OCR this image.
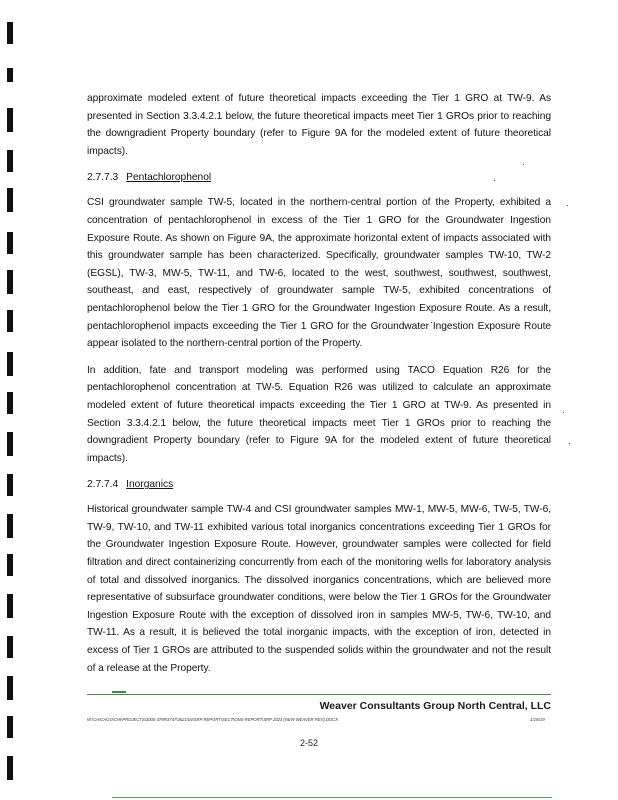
approximate modeled extent of future theoretical impacts exceeding the Tier 1 GRO at TW-9. As presented in Section 3.3.4.2.1 below, the future theoretical impacts meet Tier 1 GROs prior to reaching the downgradient Property boundary (refer to Figure 9A for the modeled extent of future theoretical impacts).

2.7.7.3 Pentachlorophenol

CSI groundwater sample TW-5, located in the northern-central portion of the Property, exhibited a concentration of pentachlorophenol in excess of the Tier 1 GRO for the Groundwater Ingestion Exposure Route. As shown on Figure 9A, the approximate horizontal extent of impacts associated with this groundwater sample has been characterized. Specifically, groundwater samples TW-10, TW-2 (EGSL), TW-3, MW-5, TW-11, and TW-6, located to the west, southwest, southwest, southwest, southeast, and east, respectively of groundwater sample TW-5, exhibited concentrations of pentachlorophenol below the Tier 1 GRO for the Groundwater Ingestion Exposure Route. As a result, pentachlorophenol impacts exceeding the Tier 1 GRO for the Groundwater Ingestion Exposure Route appear isolated to the northern-central portion of the Property.

In addition, fate and transport modeling was performed using TACO Equation R26 for the pentachlorophenol concentration at TW-5. Equation R26 was utilized to calculate an approximate modeled extent of future theoretical impacts exceeding the Tier 1 GRO at TW-9. As presented in Section 3.3.4.2.1 below, the future theoretical impacts meet Tier 1 GROs prior to reaching the downgradient Property boundary (refer to Figure 9A for the modeled extent of future theoretical impacts).

2.7.7.4 Inorganics

Historical groundwater sample TW-4 and CSI groundwater samples MW-1, MW-5, MW-6, TW-5, TW-6, TW-9, TW-10, and TW-11 exhibited various total inorganics concentrations exceeding Tier 1 GROs for the Groundwater Ingestion Exposure Route. However, groundwater samples were collected for field filtration and direct containerizing concurrently from each of the monitoring wells for laboratory analysis of total and dissolved inorganics. The dissolved inorganics concentrations, which are believed more representative of subsurface groundwater conditions, were below the Tier 1 GROs for the Groundwater Ingestion Exposure Route with the exception of dissolved iron in samples MW-5, TW-6, TW-10, and TW-11. As a result, it is believed the total inorganic impacts, with the exception of iron, detected in excess of Tier 1 GROs are attributed to the suspended solids within the groundwater and not the result of a release at the Property.

Weaver Consultants Group North Central, LLC
W:\CHICAGO\CHI\PROJECTS\3000-3799\3747\3621\04\SRP REPORT\SECTIONS-REPORT\SRP 2023 (NEW WEAVER REV).DOCX	1/18/19
2-52
